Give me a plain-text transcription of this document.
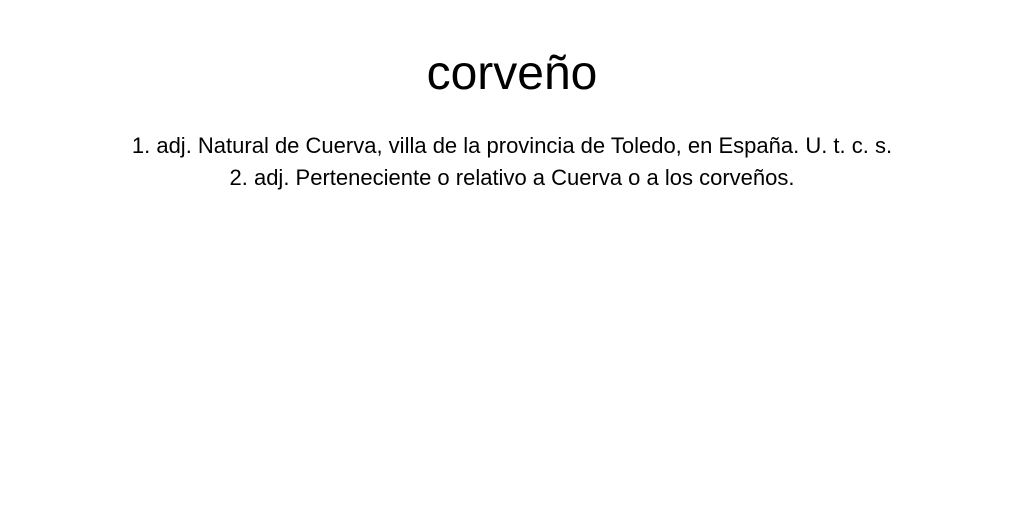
corveño
1. adj. Natural de Cuerva, villa de la provincia de Toledo, en España. U. t. c. s.
2. adj. Perteneciente o relativo a Cuerva o a los corveños.
